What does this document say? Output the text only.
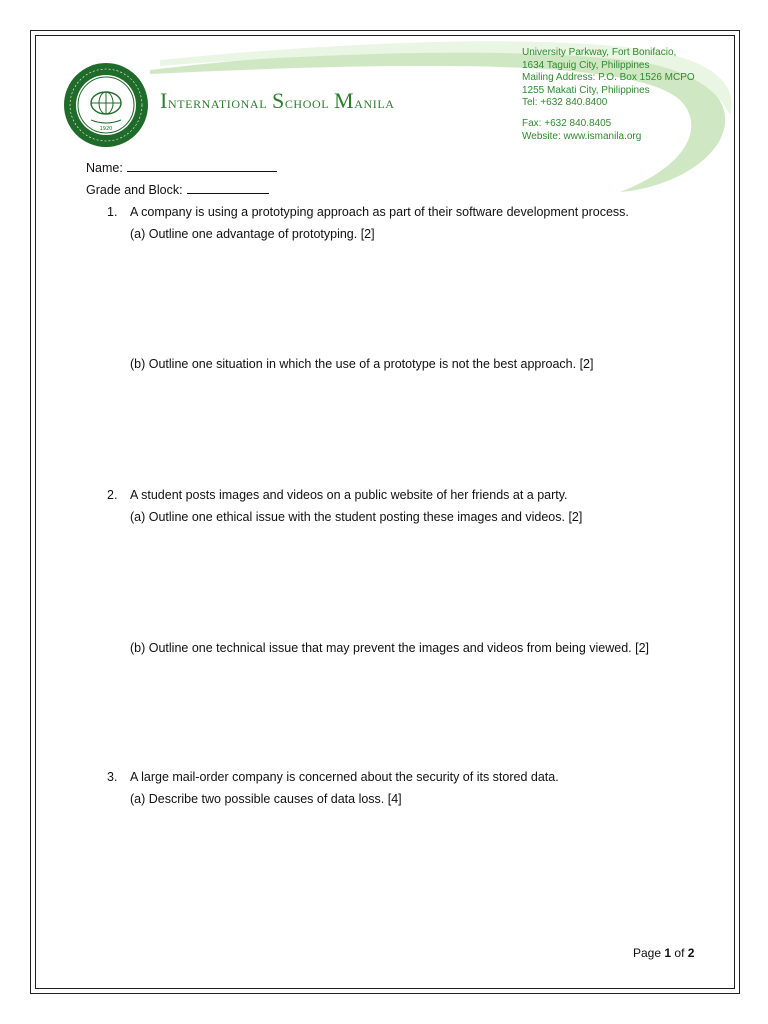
1920
International School Manila
University Parkway, Fort Bonifacio,
1634 Taguig City, Philippines
Mailing Address: P.O. Box 1526 MCPO
1255 Makati City, Philippines
Tel: +632 840.8400
Fax: +632 840.8405
Website: www.ismanila.org
Name:
Grade and Block:
1.	A company is using a prototyping approach as part of their software development process.
(a) Outline one advantage of prototyping. [2]
(b) Outline one situation in which the use of a prototype is not the best approach. [2]
2.	A student posts images and videos on a public website of her friends at a party.
(a) Outline one ethical issue with the student posting these images and videos. [2]
(b) Outline one technical issue that may prevent the images and videos from being viewed. [2]
3.	A large mail-order company is concerned about the security of its stored data.
(a) Describe two possible causes of data loss. [4]
Page 1 of 2
